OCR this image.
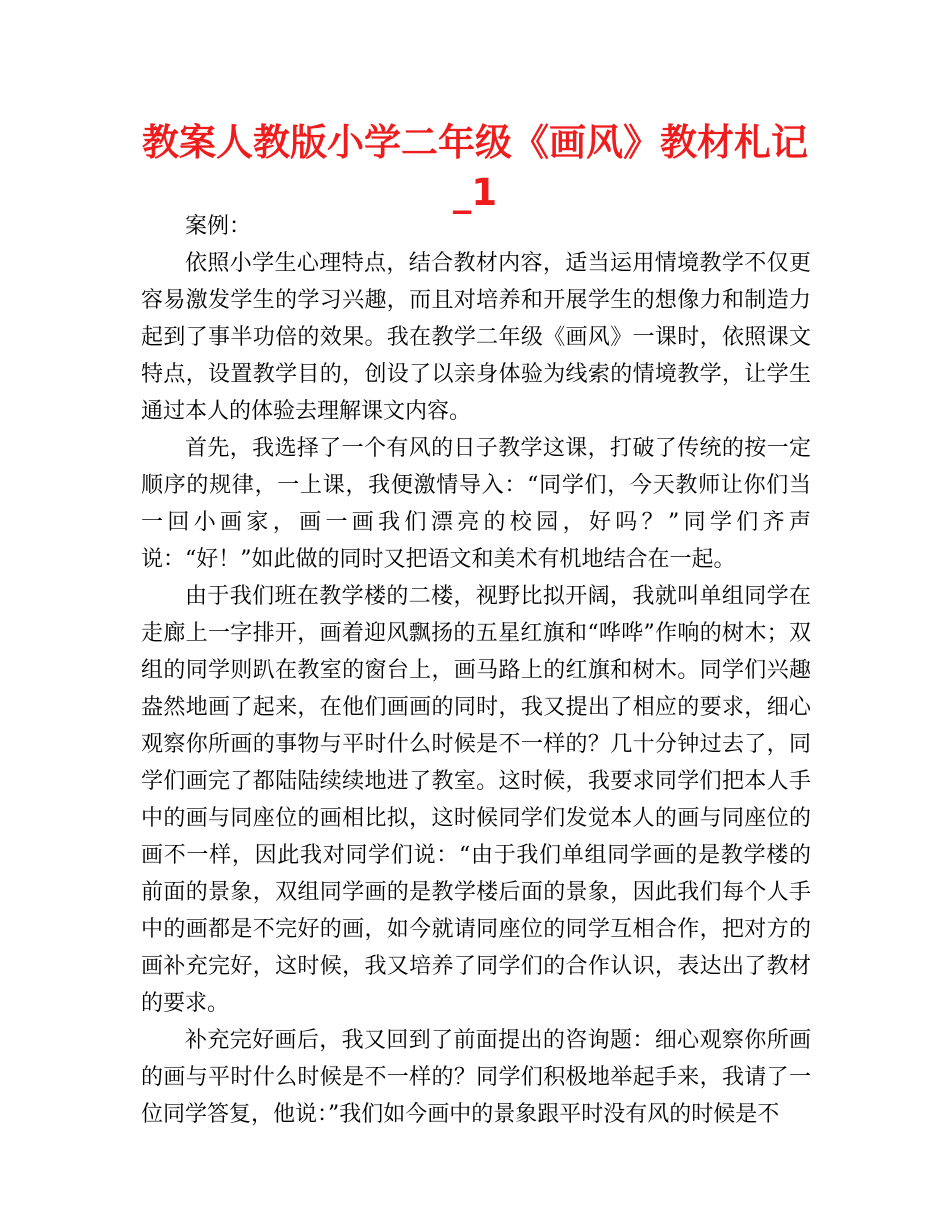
教案人教版小学二年级《画风》教材札记_1

案例：

依照小学生心理特点，结合教材内容，适当运用情境教学不仅更容易激发学生的学习兴趣，而且对培养和开展学生的想像力和制造力起到了事半功倍的效果。我在教学二年级《画风》一课时，依照课文特点，设置教学目的，创设了以亲身体验为线索的情境教学，让学生通过本人的体验去理解课文内容。

首先，我选择了一个有风的日子教学这课，打破了传统的按一定顺序的规律，一上课，我便激情导入：“同学们，今天教师让你们当一回小画家，画一画我们漂亮的校园，好吗？”同学们齐声说：“好！”如此做的同时又把语文和美术有机地结合在一起。

由于我们班在教学楼的二楼，视野比拟开阔，我就叫单组同学在走廊上一字排开，画着迎风飘扬的五星红旗和“哗哗”作响的树木；双组的同学则趴在教室的窗台上，画马路上的红旗和树木。同学们兴趣盎然地画了起来，在他们画画的同时，我又提出了相应的要求，细心观察你所画的事物与平时什么时候是不一样的？几十分钟过去了，同学们画完了都陆陆续续地进了教室。这时候，我要求同学们把本人手中的画与同座位的画相比拟，这时候同学们发觉本人的画与同座位的画不一样，因此我对同学们说：“由于我们单组同学画的是教学楼的前面的景象，双组同学画的是教学楼后面的景象，因此我们每个人手中的画都是不完好的画，如今就请同座位的同学互相合作，把对方的画补充完好，这时候，我又培养了同学们的合作认识，表达出了教材的要求。

补充完好画后，我又回到了前面提出的咨询题：细心观察你所画的画与平时什么时候是不一样的？同学们积极地举起手来，我请了一位同学答复，他说：”我们如今画中的景象跟平时没有风的时候是不
